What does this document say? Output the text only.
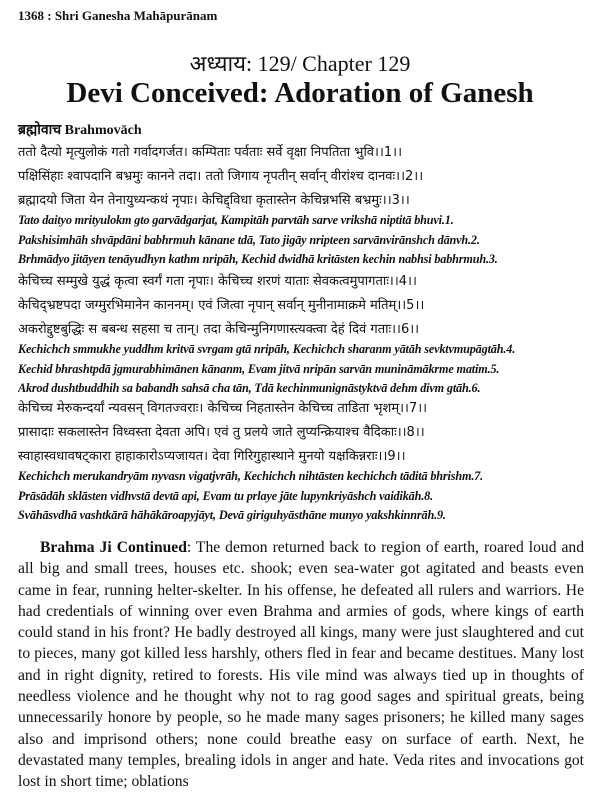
1368 : Shri Ganesha Mahāpurānam
अध्याय: 129/ Chapter 129
Devi Conceived: Adoration of Ganesh
ब्रह्मोवाच Brahmovāch

ततो दैत्यो मृत्युलोकं गतो गर्वादगर्जत। कम्पिताः पर्वताः सर्वे वृक्षा निपतिता भुवि।।1।।

पक्षिसिंहाः श्वापदानि बभ्रमुः कानने तदा। ततो जिगाय नृपतीन् सर्वान् वीरांश्च दानवः।।2।।

ब्रह्मादयो जिता येन तेनायुध्यन्कथं नृपाः। केचिद्द्विधा कृतास्तेन केचिन्नभसि बभ्रमुः।।3।।

Tato daityo mrityulokm gto garvādgarjat, Kampitāh parvtāh sarve vrikshā niptitā bhuvi.1.

Pakshisimhāh shvāpdāni babhrmuh kānane tdā, Tato jigāy nripteen sarvānvirānshch dānvh.2.

Brhmādyo jitāyen tenāyudhyn kathm nripāh, Kechid dwidhā kritāsten kechin nabhsi babhrmuh.3.

केचिच्च सम्मुखे युद्धं कृत्वा स्वर्गं गता नृपाः। केचिच्च शरणं याताः सेवकत्वमुपागताः।।4।।

केचिद्भ्रष्टपदा जग्मुरभिमानेन काननम्। एवं जित्वा नृपान् सर्वान् मुनीनामाक्रमे मतिम्।।5।।

अकरोद्दुष्टबुद्धिः स बबन्ध सहसा च तान्। तदा केचिन्मुनिगणास्त्यक्त्वा देहं दिवं गताः।।6।।

Kechichch smmukhe yuddhm kritvā svrgam gtā nripāh, Kechichch sharanm yātāh sevktvmupāgtāh.4.

Kechid bhrashtpdā jgmurabhimānen kānanm, Evam jitvā nripān sarvān munināmākrme matim.5.

Akrod dushtbuddhih sa babandh sahsā cha tān, Tdā kechinmunignāstyktvā dehm divm gtāh.6.

केचिच्च मेरुकन्दर्यां न्यवसन् विगतज्वराः। केचिच्च निहतास्तेन केचिच्च ताडिता भृशम्।।7।।

प्रासादाः सकलास्तेन विध्वस्ता देवता अपि। एवं तु प्रलये जाते लुप्यन्क्रियाश्च वैदिकाः।।8।।

स्वाहास्वधावषट्कारा हाहाकारोऽप्यजायत। देवा गिरिगुहास्थाने मुनयो यक्षकिन्नराः।।9।।

Kechichch merukandryām nyvasn vigatjvrāh, Kechichch nihtāsten kechichch tāditā bhrishm.7.

Prāsādāh sklāsten vidhvstā devtā api, Evam tu prlaye jāte lupynkriyāshch vaidikāh.8.

Svāhāsvdhā vashtkārā hāhākāroapyjāyt, Devā giriguhyāsthāne munyo yakshkinnrāh.9.

Brahma Ji Continued: The demon returned back to region of earth, roared loud and all big and small trees, houses etc. shook; even sea-water got agitated and beasts even came in fear, running helter-skelter. In his offense, he defeated all rulers and warriors. He had credentials of winning over even Brahma and armies of gods, where kings of earth could stand in his front? He badly destroyed all kings, many were just slaughtered and cut to pieces, many got killed less harshly, others fled in fear and became destitues. Many lost and in right dignity, retired to forests. His vile mind was always tied up in thoughts of needless violence and he thought why not to rag good sages and spiritual greats, being unnecessarily honore by people, so he made many sages prisoners; he killed many sages also and imprisond others; none could breathe easy on surface of earth. Next, he devastated many temples, brealing idols in anger and hate. Veda rites and invocations got lost in short time; oblations
